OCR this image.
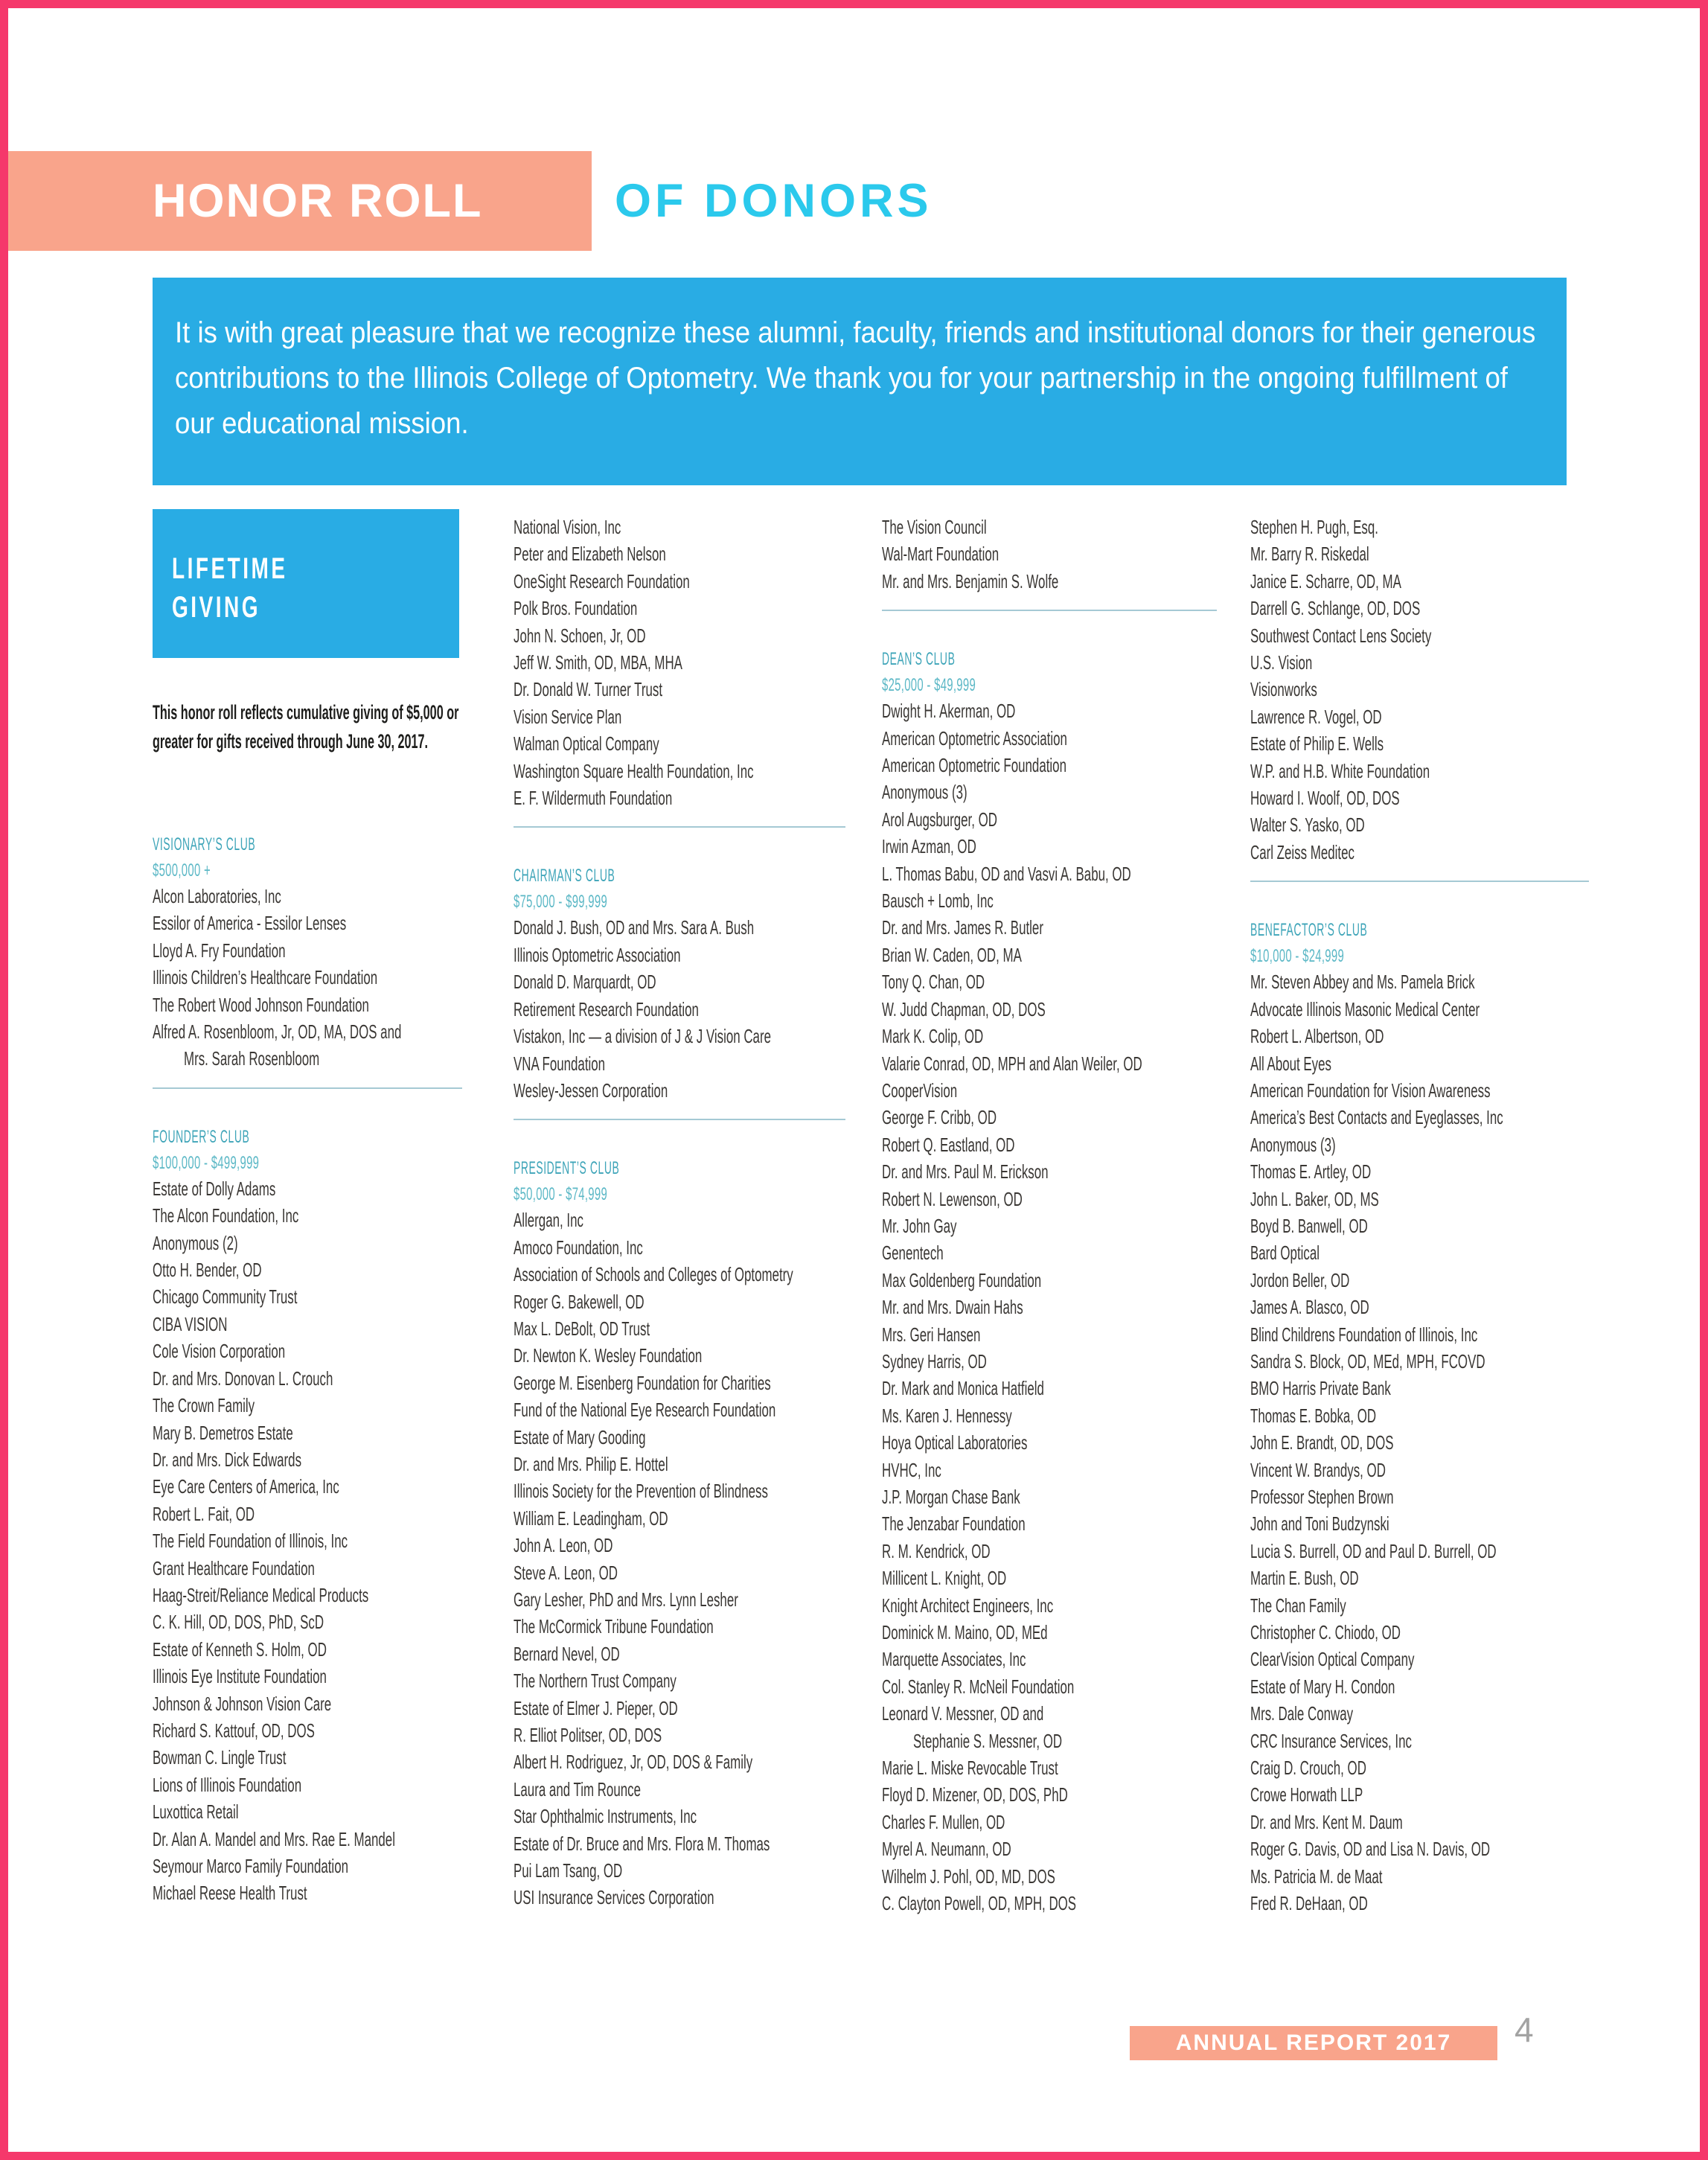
HONOR ROLL	OF DONORS
It is with great pleasure that we recognize these alumni, faculty, friends and institutional donors for their generous contributions to the Illinois College of Optometry. We thank you for your partnership in the ongoing fulfillment of our educational mission.
LIFETIME
GIVING
This honor roll reflects cumulative giving of $5,000 or greater for gifts received through June 30, 2017.
VISIONARY’S CLUB
$500,000 +
Alcon Laboratories, Inc
Essilor of America - Essilor Lenses
Lloyd A. Fry Foundation
Illinois Children’s Healthcare Foundation
The Robert Wood Johnson Foundation
Alfred A. Rosenbloom, Jr, OD, MA, DOS and
Mrs. Sarah Rosenbloom
FOUNDER’S CLUB
$100,000 - $499,999
Estate of Dolly Adams
The Alcon Foundation, Inc
Anonymous (2)
Otto H. Bender, OD
Chicago Community Trust
CIBA VISION
Cole Vision Corporation
Dr. and Mrs. Donovan L. Crouch
The Crown Family
Mary B. Demetros Estate
Dr. and Mrs. Dick Edwards
Eye Care Centers of America, Inc
Robert L. Fait, OD
The Field Foundation of Illinois, Inc
Grant Healthcare Foundation
Haag-Streit/Reliance Medical Products
C. K. Hill, OD, DOS, PhD, ScD
Estate of Kenneth S. Holm, OD
Illinois Eye Institute Foundation
Johnson & Johnson Vision Care
Richard S. Kattouf, OD, DOS
Bowman C. Lingle Trust
Lions of Illinois Foundation
Luxottica Retail
Dr. Alan A. Mandel and Mrs. Rae E. Mandel
Seymour Marco Family Foundation
Michael Reese Health Trust
National Vision, Inc
Peter and Elizabeth Nelson
OneSight Research Foundation
Polk Bros. Foundation
John N. Schoen, Jr, OD
Jeff W. Smith, OD, MBA, MHA
Dr. Donald W. Turner Trust
Vision Service Plan
Walman Optical Company
Washington Square Health Foundation, Inc
E. F. Wildermuth Foundation
CHAIRMAN’S CLUB
$75,000 - $99,999
Donald J. Bush, OD and Mrs. Sara A. Bush
Illinois Optometric Association
Donald D. Marquardt, OD
Retirement Research Foundation
Vistakon, Inc — a division of J & J Vision Care
VNA Foundation
Wesley-Jessen Corporation
PRESIDENT’S CLUB
$50,000 - $74,999
Allergan, Inc
Amoco Foundation, Inc
Association of Schools and Colleges of Optometry
Roger G. Bakewell, OD
Max L. DeBolt, OD Trust
Dr. Newton K. Wesley Foundation
George M. Eisenberg Foundation for Charities
Fund of the National Eye Research Foundation
Estate of Mary Gooding
Dr. and Mrs. Philip E. Hottel
Illinois Society for the Prevention of Blindness
William E. Leadingham, OD
John A. Leon, OD
Steve A. Leon, OD
Gary Lesher, PhD and Mrs. Lynn Lesher
The McCormick Tribune Foundation
Bernard Nevel, OD
The Northern Trust Company
Estate of Elmer J. Pieper, OD
R. Elliot Politser, OD, DOS
Albert H. Rodriguez, Jr, OD, DOS & Family
Laura and Tim Rounce
Star Ophthalmic Instruments, Inc
Estate of Dr. Bruce and Mrs. Flora M. Thomas
Pui Lam Tsang, OD
USI Insurance Services Corporation
The Vision Council
Wal-Mart Foundation
Mr. and Mrs. Benjamin S. Wolfe
DEAN’S CLUB
$25,000 - $49,999
Dwight H. Akerman, OD
American Optometric Association
American Optometric Foundation
Anonymous (3)
Arol Augsburger, OD
Irwin Azman, OD
L. Thomas Babu, OD and Vasvi A. Babu, OD
Bausch + Lomb, Inc
Dr. and Mrs. James R. Butler
Brian W. Caden, OD, MA
Tony Q. Chan, OD
W. Judd Chapman, OD, DOS
Mark K. Colip, OD
Valarie Conrad, OD, MPH and Alan Weiler, OD
CooperVision
George F. Cribb, OD
Robert Q. Eastland, OD
Dr. and Mrs. Paul M. Erickson
Robert N. Lewenson, OD
Mr. John Gay
Genentech
Max Goldenberg Foundation
Mr. and Mrs. Dwain Hahs
Mrs. Geri Hansen
Sydney Harris, OD
Dr. Mark and Monica Hatfield
Ms. Karen J. Hennessy
Hoya Optical Laboratories
HVHC, Inc
J.P. Morgan Chase Bank
The Jenzabar Foundation
R. M. Kendrick, OD
Millicent L. Knight, OD
Knight Architect Engineers, Inc
Dominick M. Maino, OD, MEd
Marquette Associates, Inc
Col. Stanley R. McNeil Foundation
Leonard V. Messner, OD and
Stephanie S. Messner, OD
Marie L. Miske Revocable Trust
Floyd D. Mizener, OD, DOS, PhD
Charles F. Mullen, OD
Myrel A. Neumann, OD
Wilhelm J. Pohl, OD, MD, DOS
C. Clayton Powell, OD, MPH, DOS
Stephen H. Pugh, Esq.
Mr. Barry R. Riskedal
Janice E. Scharre, OD, MA
Darrell G. Schlange, OD, DOS
Southwest Contact Lens Society
U.S. Vision
Visionworks
Lawrence R. Vogel, OD
Estate of Philip E. Wells
W.P. and H.B. White Foundation
Howard I. Woolf, OD, DOS
Walter S. Yasko, OD
Carl Zeiss Meditec
BENEFACTOR’S CLUB
$10,000 - $24,999
Mr. Steven Abbey and Ms. Pamela Brick
Advocate Illinois Masonic Medical Center
Robert L. Albertson, OD
All About Eyes
American Foundation for Vision Awareness
America’s Best Contacts and Eyeglasses, Inc
Anonymous (3)
Thomas E. Artley, OD
John L. Baker, OD, MS
Boyd B. Banwell, OD
Bard Optical
Jordon Beller, OD
James A. Blasco, OD
Blind Childrens Foundation of Illinois, Inc
Sandra S. Block, OD, MEd, MPH, FCOVD
BMO Harris Private Bank
Thomas E. Bobka, OD
John E. Brandt, OD, DOS
Vincent W. Brandys, OD
Professor Stephen Brown
John and Toni Budzynski
Lucia S. Burrell, OD and Paul D. Burrell, OD
Martin E. Bush, OD
The Chan Family
Christopher C. Chiodo, OD
ClearVision Optical Company
Estate of Mary H. Condon
Mrs. Dale Conway
CRC Insurance Services, Inc
Craig D. Crouch, OD
Crowe Horwath LLP
Dr. and Mrs. Kent M. Daum
Roger G. Davis, OD and Lisa N. Davis, OD
Ms. Patricia M. de Maat
Fred R. DeHaan, OD
ANNUAL REPORT 2017 4
